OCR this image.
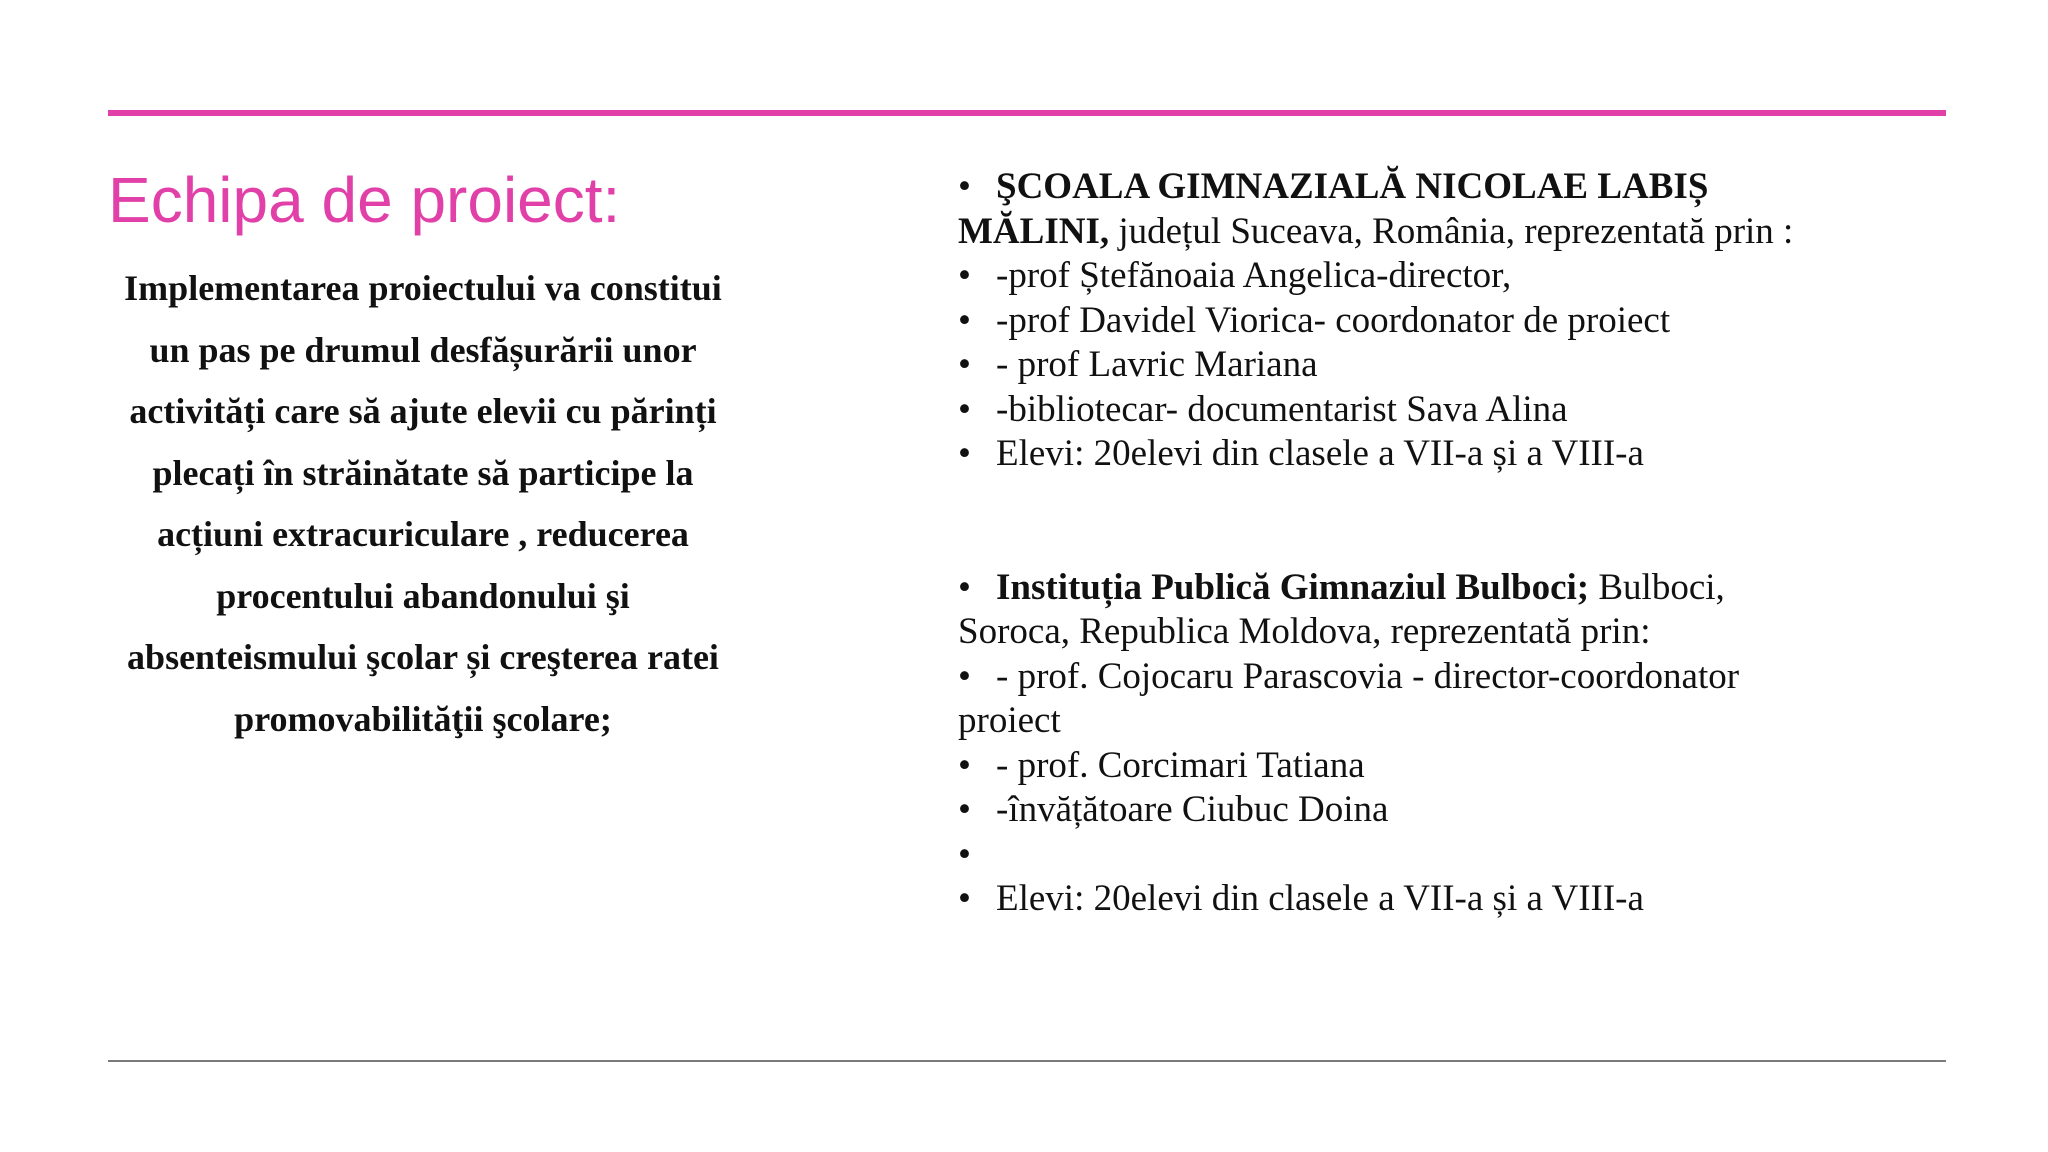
Echipa de proiect:
Implementarea proiectului va constitui un pas pe drumul desfășurării unor activități care să ajute elevii cu părinți plecați în străinătate să participe la acțiuni extracuriculare , reducerea procentului abandonului şi absenteismului şcolar și creşterea ratei promovabilităţii şcolare;
• ŞCOALA GIMNAZIALĂ NICOLAE LABIȘ
MĂLINI, județul Suceava, România, reprezentată prin :
• -prof Ștefănoaia Angelica-director,
• -prof Davidel Viorica- coordonator de proiect
• - prof Lavric Mariana
• -bibliotecar- documentarist Sava Alina
• Elevi: 20elevi din clasele a VII-a și a VIII-a
• Instituția Publică Gimnaziul Bulboci; Bulboci,
Soroca, Republica Moldova, reprezentată prin:
• - prof. Cojocaru Parascovia - director-coordonator
proiect
• - prof. Corcimari Tatiana
• -învățătoare Ciubuc Doina
•
• Elevi: 20elevi din clasele a VII-a și a VIII-a
